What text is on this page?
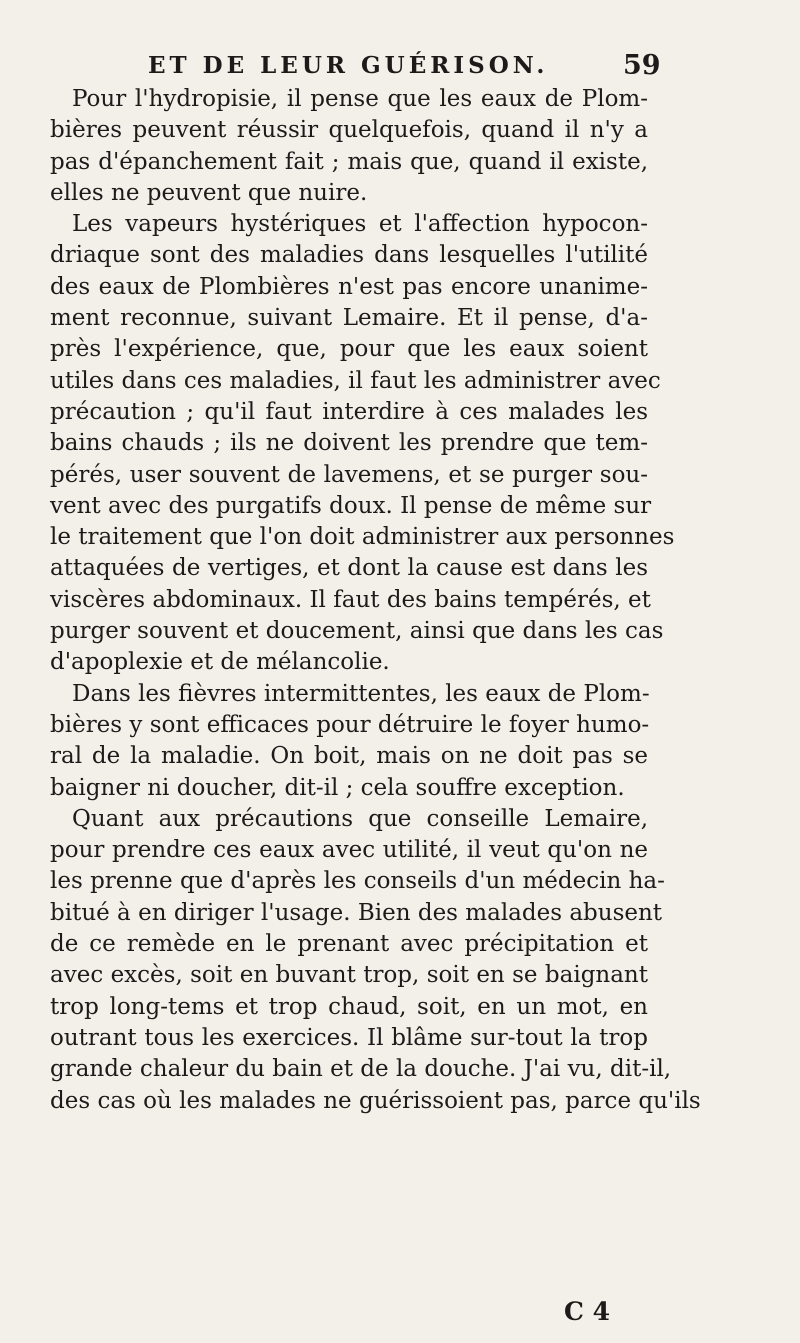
ET DE LEUR GUÉRISON.	59
Pour l'hydropisie, il pense que les eaux de Plom-
bières peuvent réussir quelquefois, quand il n'y a
pas d'épanchement fait ; mais que, quand il existe,
elles ne peuvent que nuire.
Les vapeurs hystériques et l'affection hypocon-
driaque sont des maladies dans lesquelles l'utilité
des eaux de Plombières n'est pas encore unanime-
ment reconnue, suivant Lemaire. Et il pense, d'a-
près l'expérience, que, pour que les eaux soient
utiles dans ces maladies, il faut les administrer avec
précaution ; qu'il faut interdire à ces malades les
bains chauds ; ils ne doivent les prendre que tem-
pérés, user souvent de lavemens, et se purger sou-
vent avec des purgatifs doux. Il pense de même sur
le traitement que l'on doit administrer aux personnes
attaquées de vertiges, et dont la cause est dans les
viscères abdominaux. Il faut des bains tempérés, et
purger souvent et doucement, ainsi que dans les cas
d'apoplexie et de mélancolie.
Dans les fièvres intermittentes, les eaux de Plom-
bières y sont efficaces pour détruire le foyer humo-
ral de la maladie. On boit, mais on ne doit pas se
baigner ni doucher, dit-il ; cela souffre exception.
Quant aux précautions que conseille Lemaire,
pour prendre ces eaux avec utilité, il veut qu'on ne
les prenne que d'après les conseils d'un médecin ha-
bitué à en diriger l'usage. Bien des malades abusent
de ce remède en le prenant avec précipitation et
avec excès, soit en buvant trop, soit en se baignant
trop long-tems et trop chaud, soit, en un mot, en
outrant tous les exercices. Il blâme sur-tout la trop
grande chaleur du bain et de la douche. J'ai vu, dit-il,
des cas où les malades ne guérissoient pas, parce qu'ils
C 4
